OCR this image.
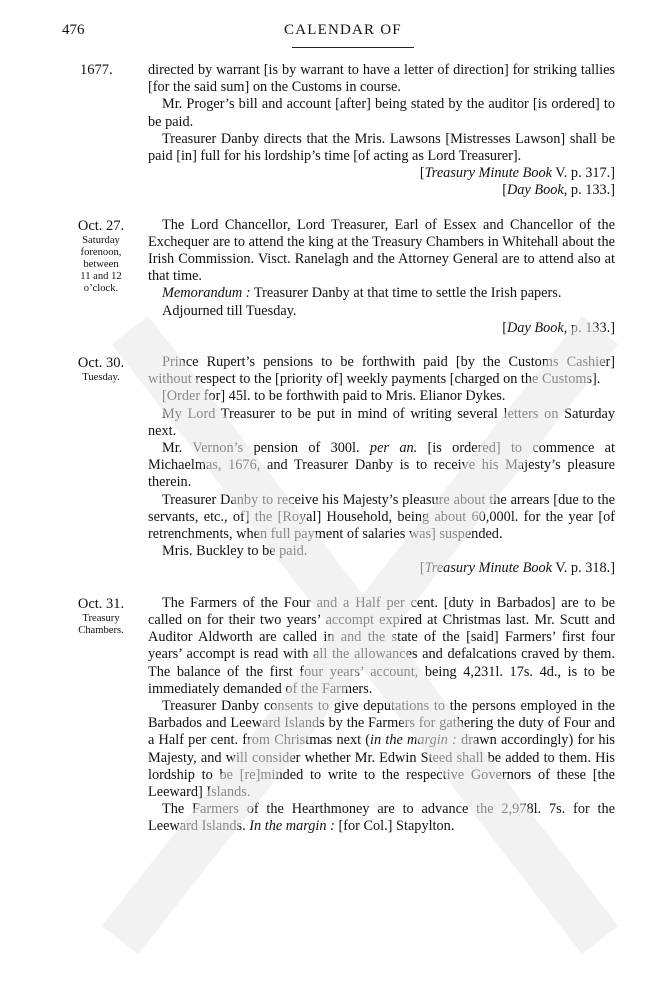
476	CALENDAR OF
1677.	directed by warrant [is by warrant to have a letter of direction] for striking tallies [for the said sum] on the Customs in course.

Mr. Proger’s bill and account [after] being stated by the auditor [is ordered] to be paid.

Treasurer Danby directs that the Mris. Lawsons [Mistresses Lawson] shall be paid [in] full for his lordship’s time [of acting as Lord Treasurer].

[Treasury Minute Book V. p. 317.]

[Day Book, p. 133.]

Oct. 27.
Saturday
forenoon,
between
11 and 12
o’clock.

The Lord Chancellor, Lord Treasurer, Earl of Essex and Chancellor of the Exchequer are to attend the king at the Treasury Chambers in Whitehall about the Irish Commission. Visct. Ranelagh and the Attorney General are to attend also at that time.

Memorandum : Treasurer Danby at that time to settle the Irish papers.

Adjourned till Tuesday.

[Day Book, p. 133.]

Oct. 30.
Tuesday.

Prince Rupert’s pensions to be forthwith paid [by the Customs Cashier] without respect to the [priority of] weekly payments [charged on the Customs].

[Order for] 45l. to be forthwith paid to Mris. Elianor Dykes.

My Lord Treasurer to be put in mind of writing several letters on Saturday next.

Mr. Vernon’s pension of 300l. per an. [is ordered] to commence at Michaelmas, 1676, and Treasurer Danby is to receive his Majesty’s pleasure therein.

Treasurer Danby to receive his Majesty’s pleasure about the arrears [due to the servants, etc., of] the [Royal] Household, being about 60,000l. for the year [of retrenchments, when full payment of salaries was] suspended.

Mris. Buckley to be paid.

[Treasury Minute Book V. p. 318.]

Oct. 31.
Treasury
Chambers.

The Farmers of the Four and a Half per cent. [duty in Barbados] are to be called on for their two years’ accompt expired at Christmas last. Mr. Scutt and Auditor Aldworth are called in and the state of the [said] Farmers’ first four years’ accompt is read with all the allowances and defalcations craved by them. The balance of the first four years’ account, being 4,231l. 17s. 4d., is to be immediately demanded of the Farmers.

Treasurer Danby consents to give deputations to the persons employed in the Barbados and Leeward Islands by the Farmers for gathering the duty of Four and a Half per cent. from Christmas next (in the margin : drawn accordingly) for his Majesty, and will consider whether Mr. Edwin Steed shall be added to them. His lordship to be [re]minded to write to the respective Governors of these [the Leeward] Islands.

The Farmers of the Hearthmoney are to advance the 2,978l. 7s. for the Leeward Islands. In the margin : [for Col.] Stapylton.
